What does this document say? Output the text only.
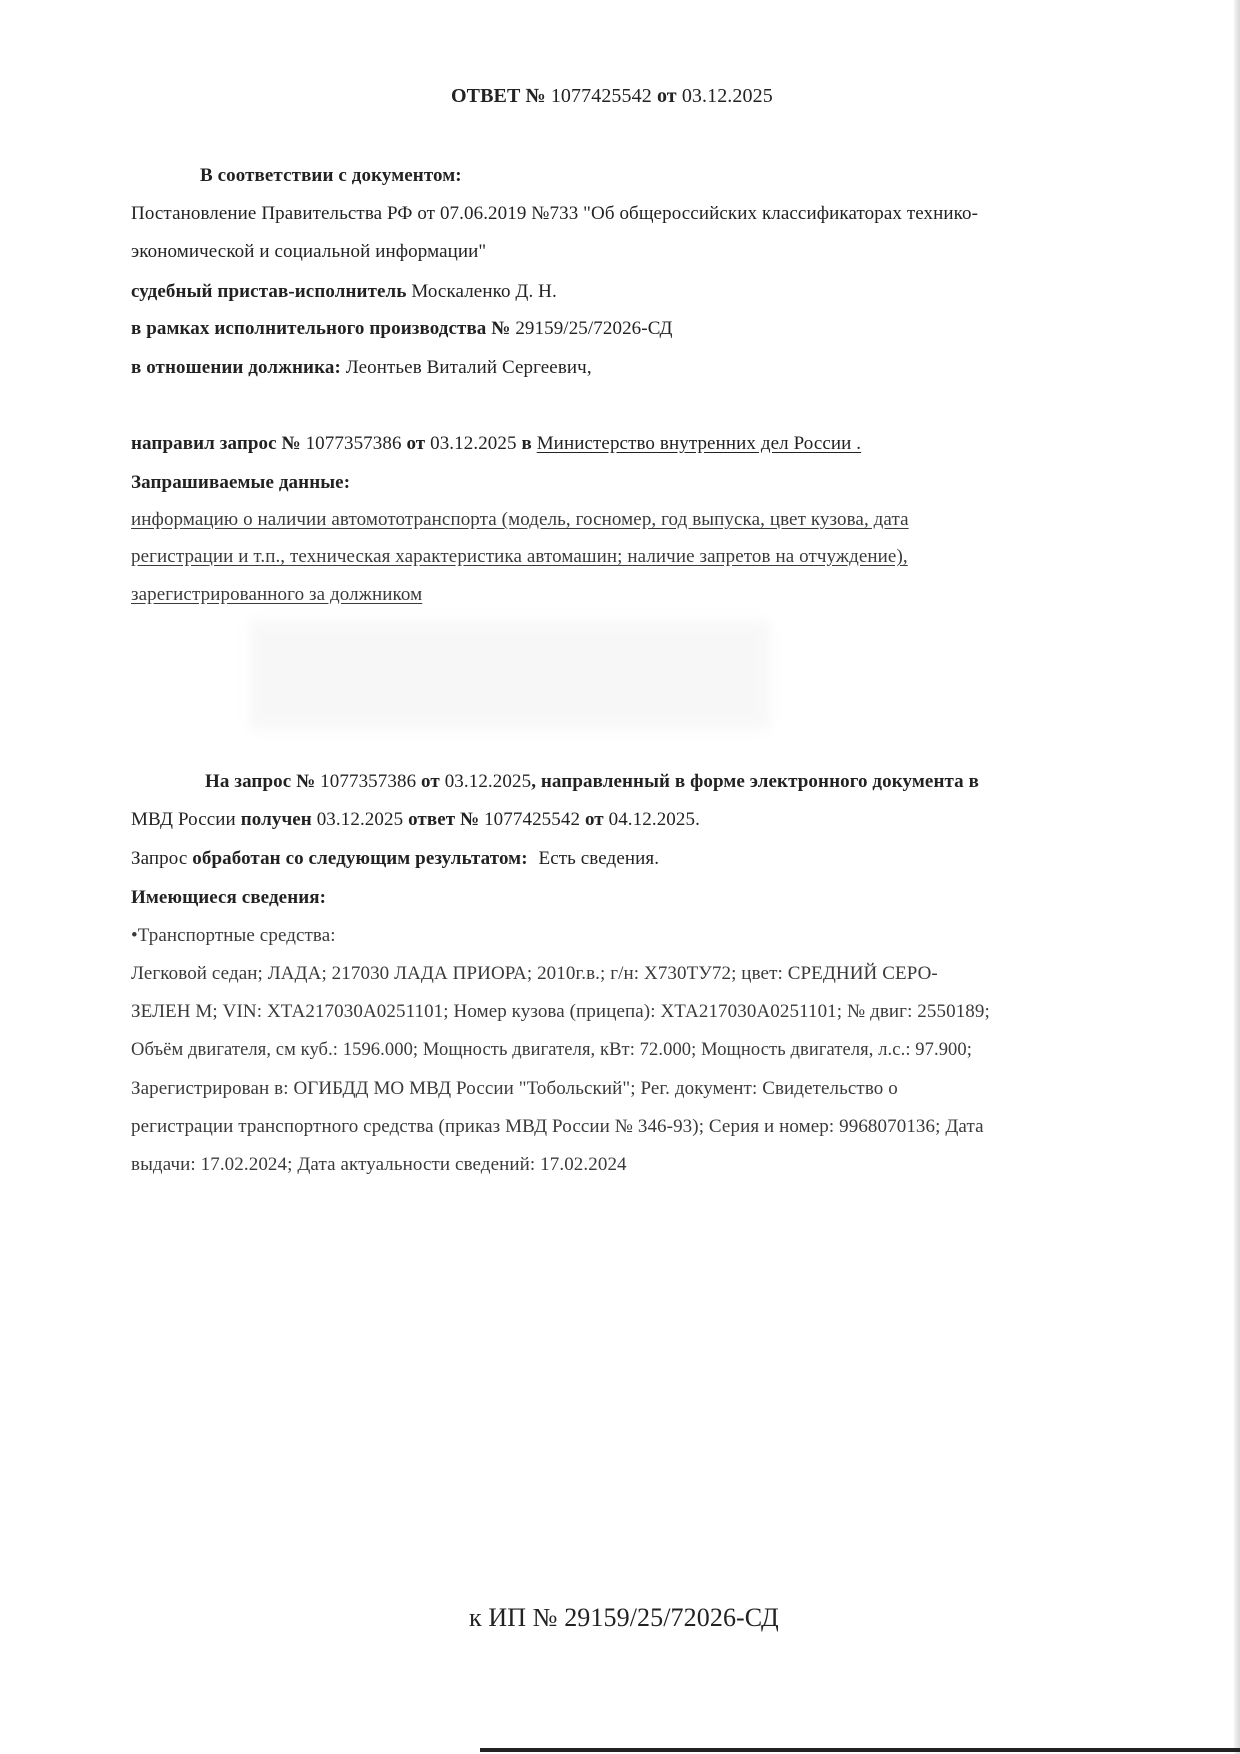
ОТВЕТ № 1077425542 от 03.12.2025
В соответствии с документом:
Постановление Правительства РФ от 07.06.2019 №733 "Об общероссийских классификаторах технико-
экономической и социальной информации"
судебный пристав-исполнитель Москаленко Д. Н.
в рамках исполнительного производства № 29159/25/72026-СД
в отношении должника: Леонтьев Виталий Сергеевич,
направил запрос № 1077357386 от 03.12.2025 в Министерство внутренних дел России .
Запрашиваемые данные:
информацию о наличии автомототранспорта (модель, госномер, год выпуска, цвет кузова, дата
регистрации и т.п., техническая характеристика автомашин; наличие запретов на отчуждение),
зарегистрированного за должником
На запрос № 1077357386 от 03.12.2025, направленный в форме электронного документа в
МВД России получен 03.12.2025 ответ № 1077425542 от 04.12.2025.
Запрос обработан со следующим результатом: Есть сведения.
Имеющиеся сведения:
•Транспортные средства:
Легковой седан; ЛАДА; 217030 ЛАДА ПРИОРА; 2010г.в.; г/н: Х730ТУ72; цвет: СРЕДНИЙ СЕРО-
ЗЕЛЕН М; VIN: ХТА217030А0251101; Номер кузова (прицепа): ХТА217030А0251101; № двиг: 2550189;
Объём двигателя, см куб.: 1596.000; Мощность двигателя, кВт: 72.000; Мощность двигателя, л.с.: 97.900;
Зарегистрирован в: ОГИБДД МО МВД России "Тобольский"; Рег. документ: Свидетельство о
регистрации транспортного средства (приказ МВД России № 346-93); Серия и номер: 9968070136; Дата
выдачи: 17.02.2024; Дата актуальности сведений: 17.02.2024
к ИП № 29159/25/72026-СД
